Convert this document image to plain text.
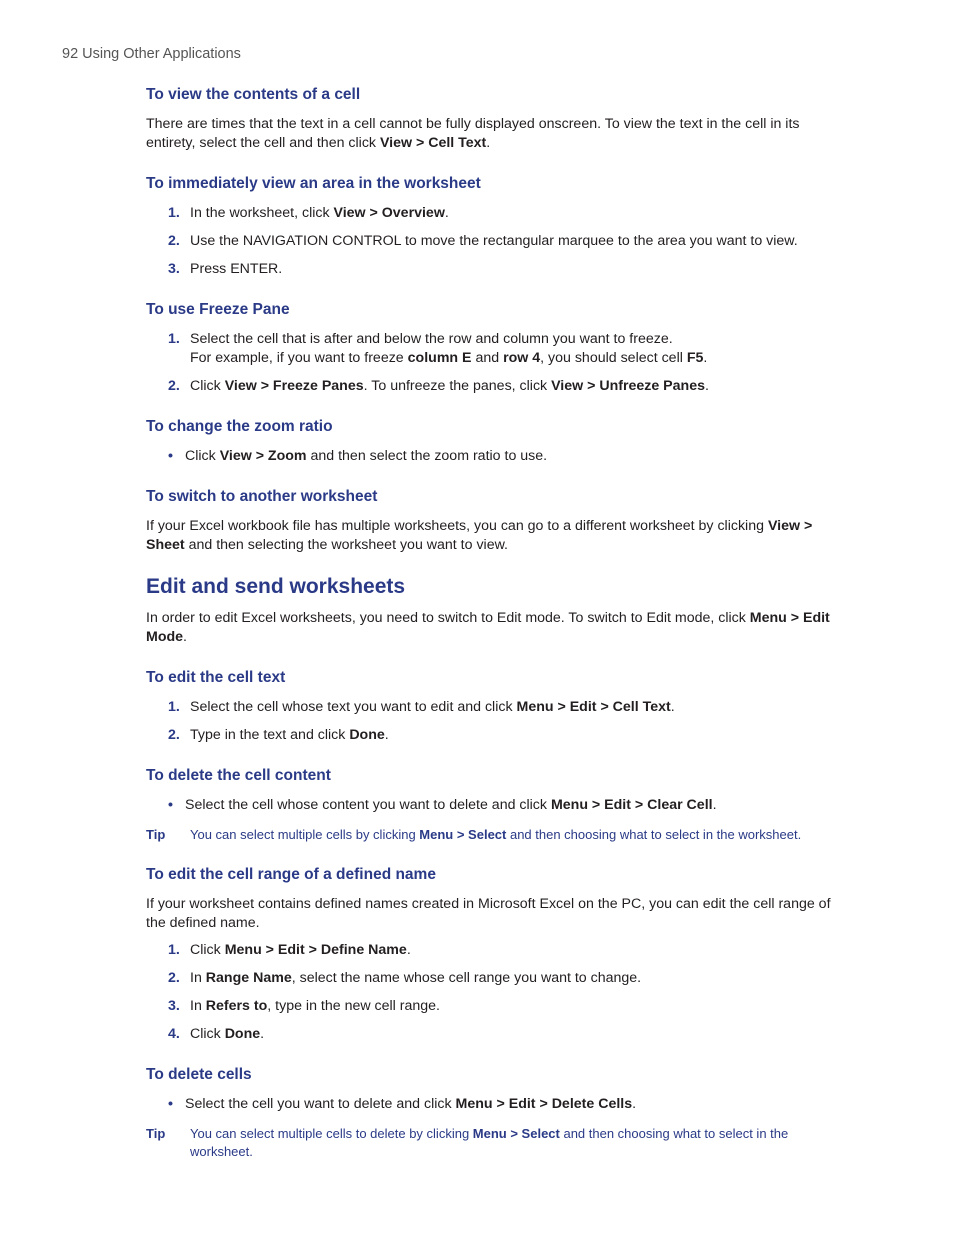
92 Using Other Applications
To view the contents of a cell

There are times that the text in a cell cannot be fully displayed onscreen. To view the text in the cell in its entirety, select the cell and then click View > Cell Text.

To immediately view an area in the worksheet
1. In the worksheet, click View > Overview.
2. Use the NAVIGATION CONTROL to move the rectangular marquee to the area you want to view.
3. Press ENTER.
To use Freeze Pane
1. Select the cell that is after and below the row and column you want to freeze.
For example, if you want to freeze column E and row 4, you should select cell F5.
2. Click View > Freeze Panes. To unfreeze the panes, click View > Unfreeze Panes.
To change the zoom ratio
• Click View > Zoom and then select the zoom ratio to use.
To switch to another worksheet

If your Excel workbook file has multiple worksheets, you can go to a different worksheet by clicking View > Sheet and then selecting the worksheet you want to view.

Edit and send worksheets

In order to edit Excel worksheets, you need to switch to Edit mode. To switch to Edit mode, click Menu > Edit Mode.

To edit the cell text
1. Select the cell whose text you want to edit and click Menu > Edit > Cell Text.
2. Type in the text and click Done.
To delete the cell content
• Select the cell whose content you want to delete and click Menu > Edit > Clear Cell.
Tip	You can select multiple cells by clicking Menu > Select and then choosing what to select in the worksheet.
To edit the cell range of a defined name

If your worksheet contains defined names created in Microsoft Excel on the PC, you can edit the cell range of the defined name.

1. Click Menu > Edit > Define Name.
2. In Range Name, select the name whose cell range you want to change.
3. In Refers to, type in the new cell range.
4. Click Done.
To delete cells
• Select the cell you want to delete and click Menu > Edit > Delete Cells.
Tip	You can select multiple cells to delete by clicking Menu > Select and then choosing what to select in the worksheet.
